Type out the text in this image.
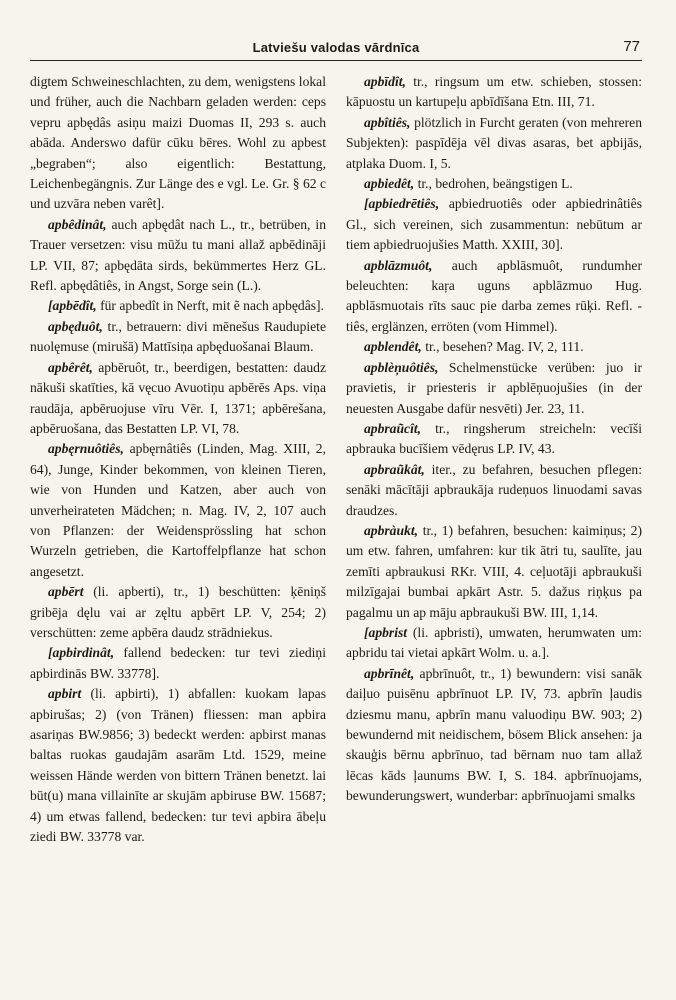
Latviešu valodas vārdnīca	77

digtem Schweineschlachten, zu dem, wenigstens lokal und früher, auch die Nachbarn geladen werden: ceps vepru apbędâs asiņu maizi Duomas II, 293 s. auch abāda. Anderswo dafür cūku bēres. Wohl zu apbest „begraben“; also eigentlich: Bestattung, Leichenbegängnis. Zur Länge des e vgl. Le. Gr. § 62 c und uzvāra neben varêt].

apbêdinât, auch apbędât nach L., tr., betrüben, in Trauer versetzen: visu mūžu tu mani allaž apbēdināji LP. VII, 87; apbędāta sirds, bekümmertes Herz GL. Refl. apbędâtiês, in Angst, Sorge sein (L.).

[apbēdît, für apbedît in Nerft, mit ẽ nach apbędâs].

apbęduôt, tr., betrauern: divi mēnešus Raudupiete nuolęmuse (mirušā) Mattīsiņa apbęduošanai Blaum.

apbêrêt, apbēruôt, tr., beerdigen, bestatten: daudz nākuši skatīties, kā vęcuo Avuotiņu apbērēs Aps. viņa raudāja, apbēruojuse vīru Vēr. I, 1371; apbērešana, apbēruošana, das Bestatten LP. VI, 78.

apbęrnuôtiês, apbęrnâtiês (Linden, Mag. XIII, 2, 64), Junge, Kinder bekommen, von kleinen Tieren, wie von Hunden und Katzen, aber auch von unverheirateten Mädchen; n. Mag. IV, 2, 107 auch von Pflanzen: der Weidensprössling hat schon Wurzeln getrieben, die Kartoffelpflanze hat schon angesetzt.

apbērt (li. apberti), tr., 1) beschütten: ķēniņš gribēja dęlu vai ar zęltu apbērt LP. V, 254; 2) verschütten: zeme apbēra daudz strādniekus.

[apbirdinât, fallend bedecken: tur tevi ziediņi apbirdinās BW. 33778].

apbirt (li. apbirti), 1) abfallen: kuokam lapas apbirušas; 2) (von Tränen) fliessen: man apbira asariņas BW.9856; 3) bedeckt werden: apbirst manas baltas ruokas gaudajām asarām Ltd. 1529, meine weissen Hände werden von bittern Tränen benetzt. lai būt(u) mana villainīte ar skujām apbiruse BW. 15687; 4) um etwas fallend, bedecken: tur tevi apbira ābeļu ziedi BW. 33778 var.

apbīdît, tr., ringsum um etw. schieben, stossen: kāpuostu un kartupeļu apbīdīšana Etn. III, 71.

apbîtiês, plötzlich in Furcht geraten (von mehreren Subjekten): paspīdēja vēl divas asaras, bet apbijās, atplaka Duom. I, 5.

apbiedêt, tr., bedrohen, beängstigen L.

[apbiedrētiês, apbiedruotiês oder apbiedrinâtiês Gl., sich vereinen, sich zusammentun: nebūtum ar tiem apbiedruojušies Matth. XXIII, 30].

apblāzmuôt, auch apblāsmuôt, rundumher beleuchten: kaŗa uguns apblāzmuo Hug. apblāsmuotais rīts sauc pie darba zemes rūķi. Refl. -tiês, erglänzen, erröten (vom Himmel).

apblendêt, tr., besehen? Mag. IV, 2, 111.

apblèņuôtiês, Schelmenstücke verüben: juo ir pravietis, ir priesteris ir apblēņuojušies (in der neuesten Ausgabe dafür nesvēti) Jer. 23, 11.

apbraũcît, tr., ringsherum streicheln: vecīši apbrauka bucīšiem vēdęrus LP. IV, 43.

apbraũkât, iter., zu befahren, besuchen pflegen: senāki mācītāji apbraukāja rudeņuos linuodami savas draudzes.

apbràukt, tr., 1) befahren, besuchen: kaimiņus; 2) um etw. fahren, umfahren: kur tik ātri tu, saulīte, jau zemīti apbraukusi RKr. VIII, 4. ceļuotāji apbraukuši milzīgajai bumbai apkārt Astr. 5. dažus riņķus pa pagalmu un ap māju apbraukuši BW. III, 1,14.

[apbrist (li. apbristi), umwaten, herumwaten um: apbridu tai vietai apkārt Wolm. u. a.].

apbrīnêt, apbrīnuôt, tr., 1) bewundern: visi sanāk daiļuo puisēnu apbrīnuot LP. IV, 73. apbrīn ļaudis dziesmu manu, apbrīn manu valuodiņu BW. 903; 2) bewundernd mit neidischem, bösem Blick ansehen: ja skauģis bērnu apbrīnuo, tad bērnam nuo tam allaž lēcas kāds ļaunums BW. I, S. 184. apbrīnuojams, bewunderungswert, wunderbar: apbrīnuojami smalks
